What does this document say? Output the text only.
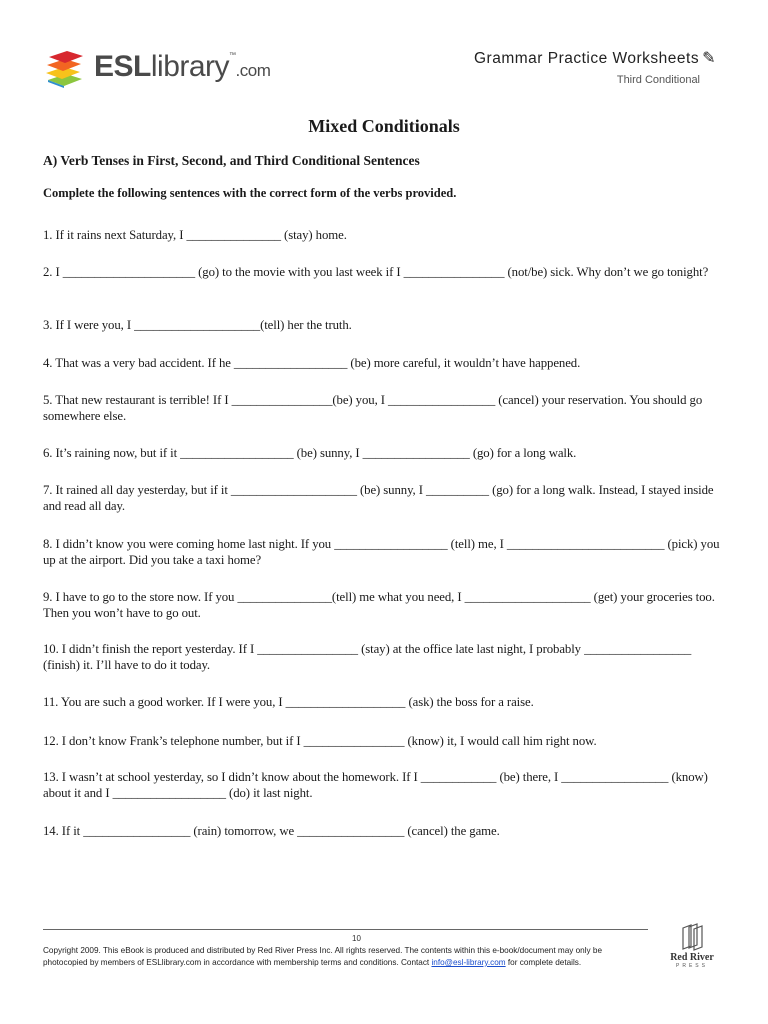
ESLlibrary™.com
Grammar Practice Worksheets ✎
Third Conditional
Mixed Conditionals
A) Verb Tenses in First, Second, and Third Conditional Sentences
Complete the following sentences with the correct form of the verbs provided.
1. If it rains next Saturday, I _______________ (stay) home.
2. I _____________________ (go) to the movie with you last week if I ________________ (not/be) sick. Why don’t we go tonight?
3. If I were you, I ____________________(tell) her the truth.
4. That was a very bad accident. If he __________________ (be) more careful, it wouldn’t have happened.
5. That new restaurant is terrible! If I ________________(be) you, I _________________ (cancel) your reservation. You should go somewhere else.
6. It’s raining now, but if it __________________ (be) sunny, I _________________ (go) for a long walk.
7. It rained all day yesterday, but if it ____________________ (be) sunny, I __________ (go) for a long walk. Instead, I stayed inside and read all day.
8. I didn’t know you were coming home last night. If you __________________ (tell) me, I _________________________ (pick) you up at the airport. Did you take a taxi home?
9. I have to go to the store now. If you _______________(tell) me what you need, I ____________________ (get) your groceries too. Then you won’t have to go out.
10. I didn’t finish the report yesterday. If I ________________ (stay) at the office late last night, I probably _________________ (finish) it. I’ll have to do it today.
11. You are such a good worker. If I were you, I ___________________ (ask) the boss for a raise.
12. I don’t know Frank’s telephone number, but if I ________________ (know) it, I would call him right now.
13. I wasn’t at school yesterday, so I didn’t know about the homework. If I ____________ (be) there, I _________________ (know) about it and I __________________ (do) it last night.
14. If it _________________ (rain) tomorrow, we _________________ (cancel) the game.
10
Copyright 2009. This eBook is produced and distributed by Red River Press Inc. All rights reserved. The contents within this e-book/document may only be
photocopied by members of ESLlibrary.com in accordance with membership terms and conditions. Contact info@esl-library.com for complete details.	Red River
PRESS
